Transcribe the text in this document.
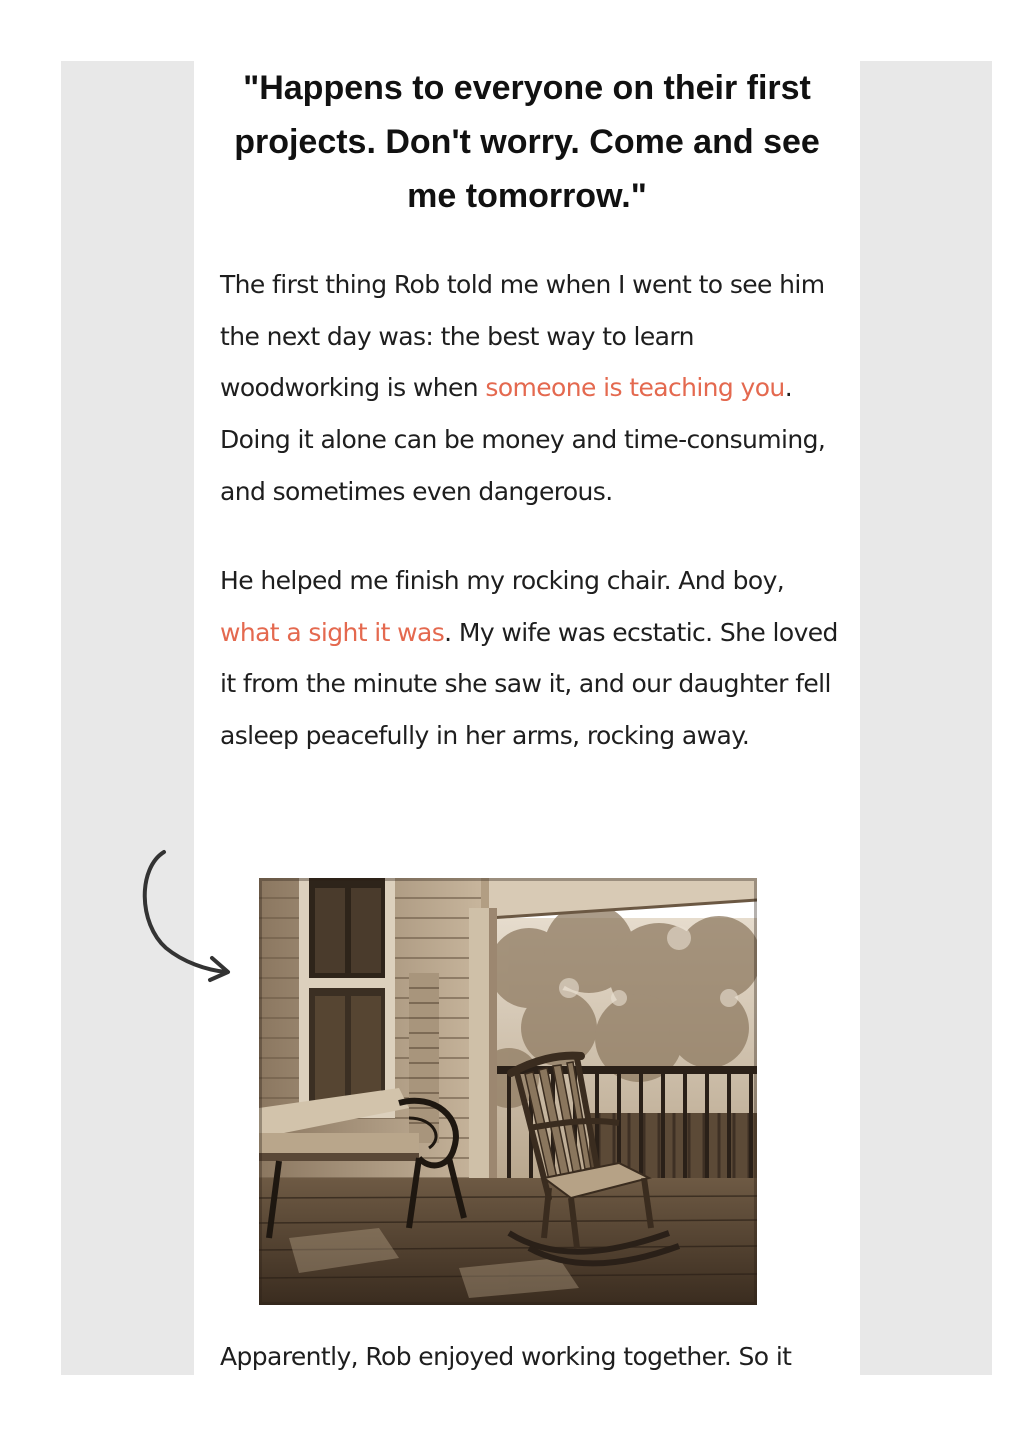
"Happens to everyone on their first projects. Don't worry. Come and see me tomorrow."

The first thing Rob told me when I went to see him the next day was: the best way to learn woodworking is when someone is teaching you. Doing it alone can be money and time-consuming, and sometimes even dangerous.

He helped me finish my rocking chair. And boy, what a sight it was. My wife was ecstatic. She loved it from the minute she saw it, and our daughter fell asleep peacefully in her arms, rocking away.

Apparently, Rob enjoyed working together. So it
